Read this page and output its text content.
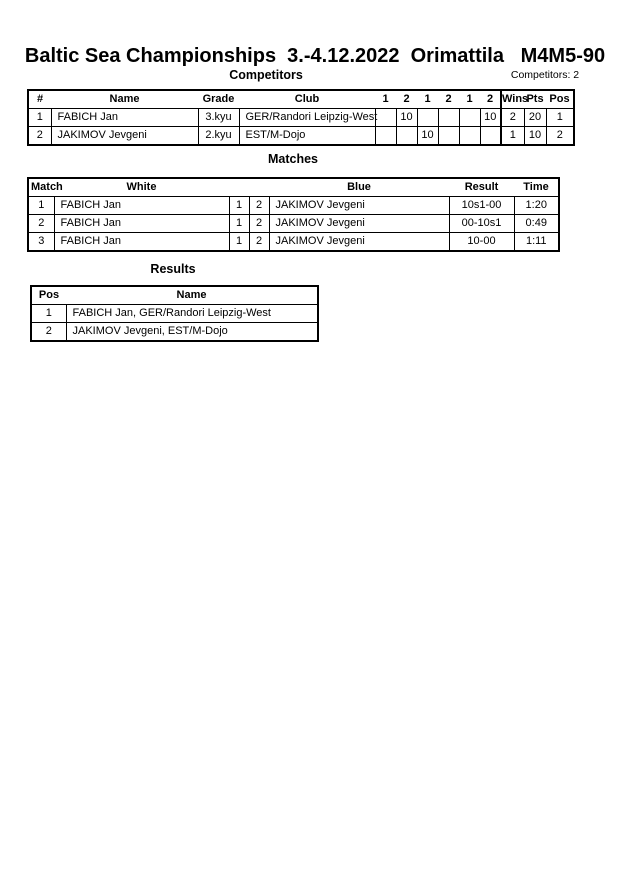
Baltic Sea Championships  3.-4.12.2022  Orimattila   M4M5-90
Competitors	Competitors: 2
#	Name	Grade	Club	1	2	1	2	1	2	Wins	Pts	Pos
1	FABICH Jan	3.kyu	GER/Randori Leipzig-West		10				10	2	20	1
2	JAKIMOV Jevgeni	2.kyu	EST/M-Dojo			10				1	10	2
Matches
Match	White			Blue	Result	Time
1	FABICH Jan	1	2	JAKIMOV Jevgeni	10s1-00	1:20
2	FABICH Jan	1	2	JAKIMOV Jevgeni	00-10s1	0:49
3	FABICH Jan	1	2	JAKIMOV Jevgeni	10-00	1:11
Results
Pos	Name
1	FABICH Jan, GER/Randori Leipzig-West
2	JAKIMOV Jevgeni, EST/M-Dojo
